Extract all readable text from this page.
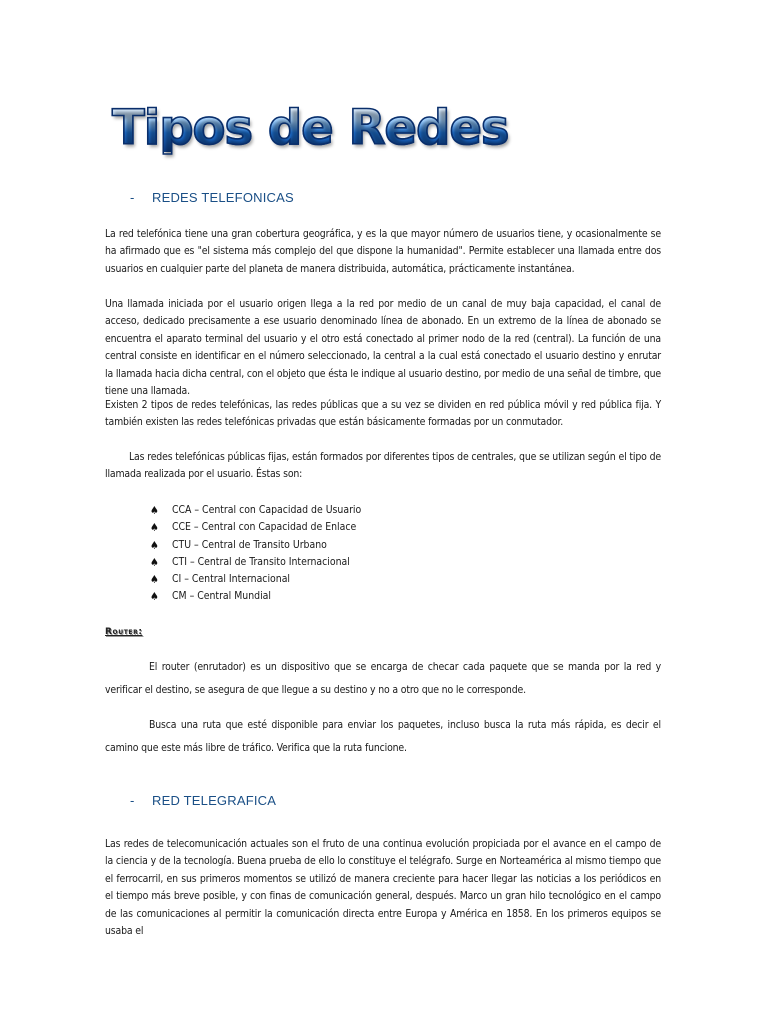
Tipos de Redes
- REDES TELEFONICAS

La red telefónica tiene una gran cobertura geográfica, y es la que mayor número de usuarios tiene, y ocasionalmente se ha afirmado que es "el sistema más complejo del que dispone la humanidad". Permite establecer una llamada entre dos usuarios en cualquier parte del planeta de manera distribuida, automática, prácticamente instantánea.

Una llamada iniciada por el usuario origen llega a la red por medio de un canal de muy baja capacidad, el canal de acceso, dedicado precisamente a ese usuario denominado línea de abonado. En un extremo de la línea de abonado se encuentra el aparato terminal del usuario y el otro está conectado al primer nodo de la red (central). La función de una central consiste en identificar en el número seleccionado, la central a la cual está conectado el usuario destino y enrutar la llamada hacia dicha central, con el objeto que ésta le indique al usuario destino, por medio de una señal de timbre, que tiene una llamada.

Existen 2 tipos de redes telefónicas, las redes públicas que a su vez se dividen en red pública móvil y red pública fija. Y también existen las redes telefónicas privadas que están básicamente formadas por un conmutador.

Las redes telefónicas públicas fijas, están formados por diferentes tipos de centrales, que se utilizan según el tipo de llamada realizada por el usuario. Éstas son:

♠	CCA – Central con Capacidad de Usuario
♠	CCE – Central con Capacidad de Enlace
♠	CTU – Central de Transito Urbano
♠	CTI – Central de Transito Internacional
♠	CI – Central Internacional
♠	CM – Central Mundial
Router:

El router (enrutador) es un dispositivo que se encarga de checar cada paquete que se manda por la red y verificar el destino, se asegura de que llegue a su destino y no a otro que no le corresponde.

Busca una ruta que esté disponible para enviar los paquetes, incluso busca la ruta más rápida, es decir el camino que este más libre de tráfico. Verifica que la ruta funcione.

- RED TELEGRAFICA

Las redes de telecomunicación actuales son el fruto de una continua evolución propiciada por el avance en el campo de la ciencia y de la tecnología. Buena prueba de ello lo constituye el telégrafo. Surge en Norteamérica al mismo tiempo que el ferrocarril, en sus primeros momentos se utilizó de manera creciente para hacer llegar las noticias a los periódicos en el tiempo más breve posible, y con finas de comunicación general, después. Marco un gran hilo tecnológico en el campo de las comunicaciones al permitir la comunicación directa entre Europa y América en 1858. En los primeros equipos se usaba el
